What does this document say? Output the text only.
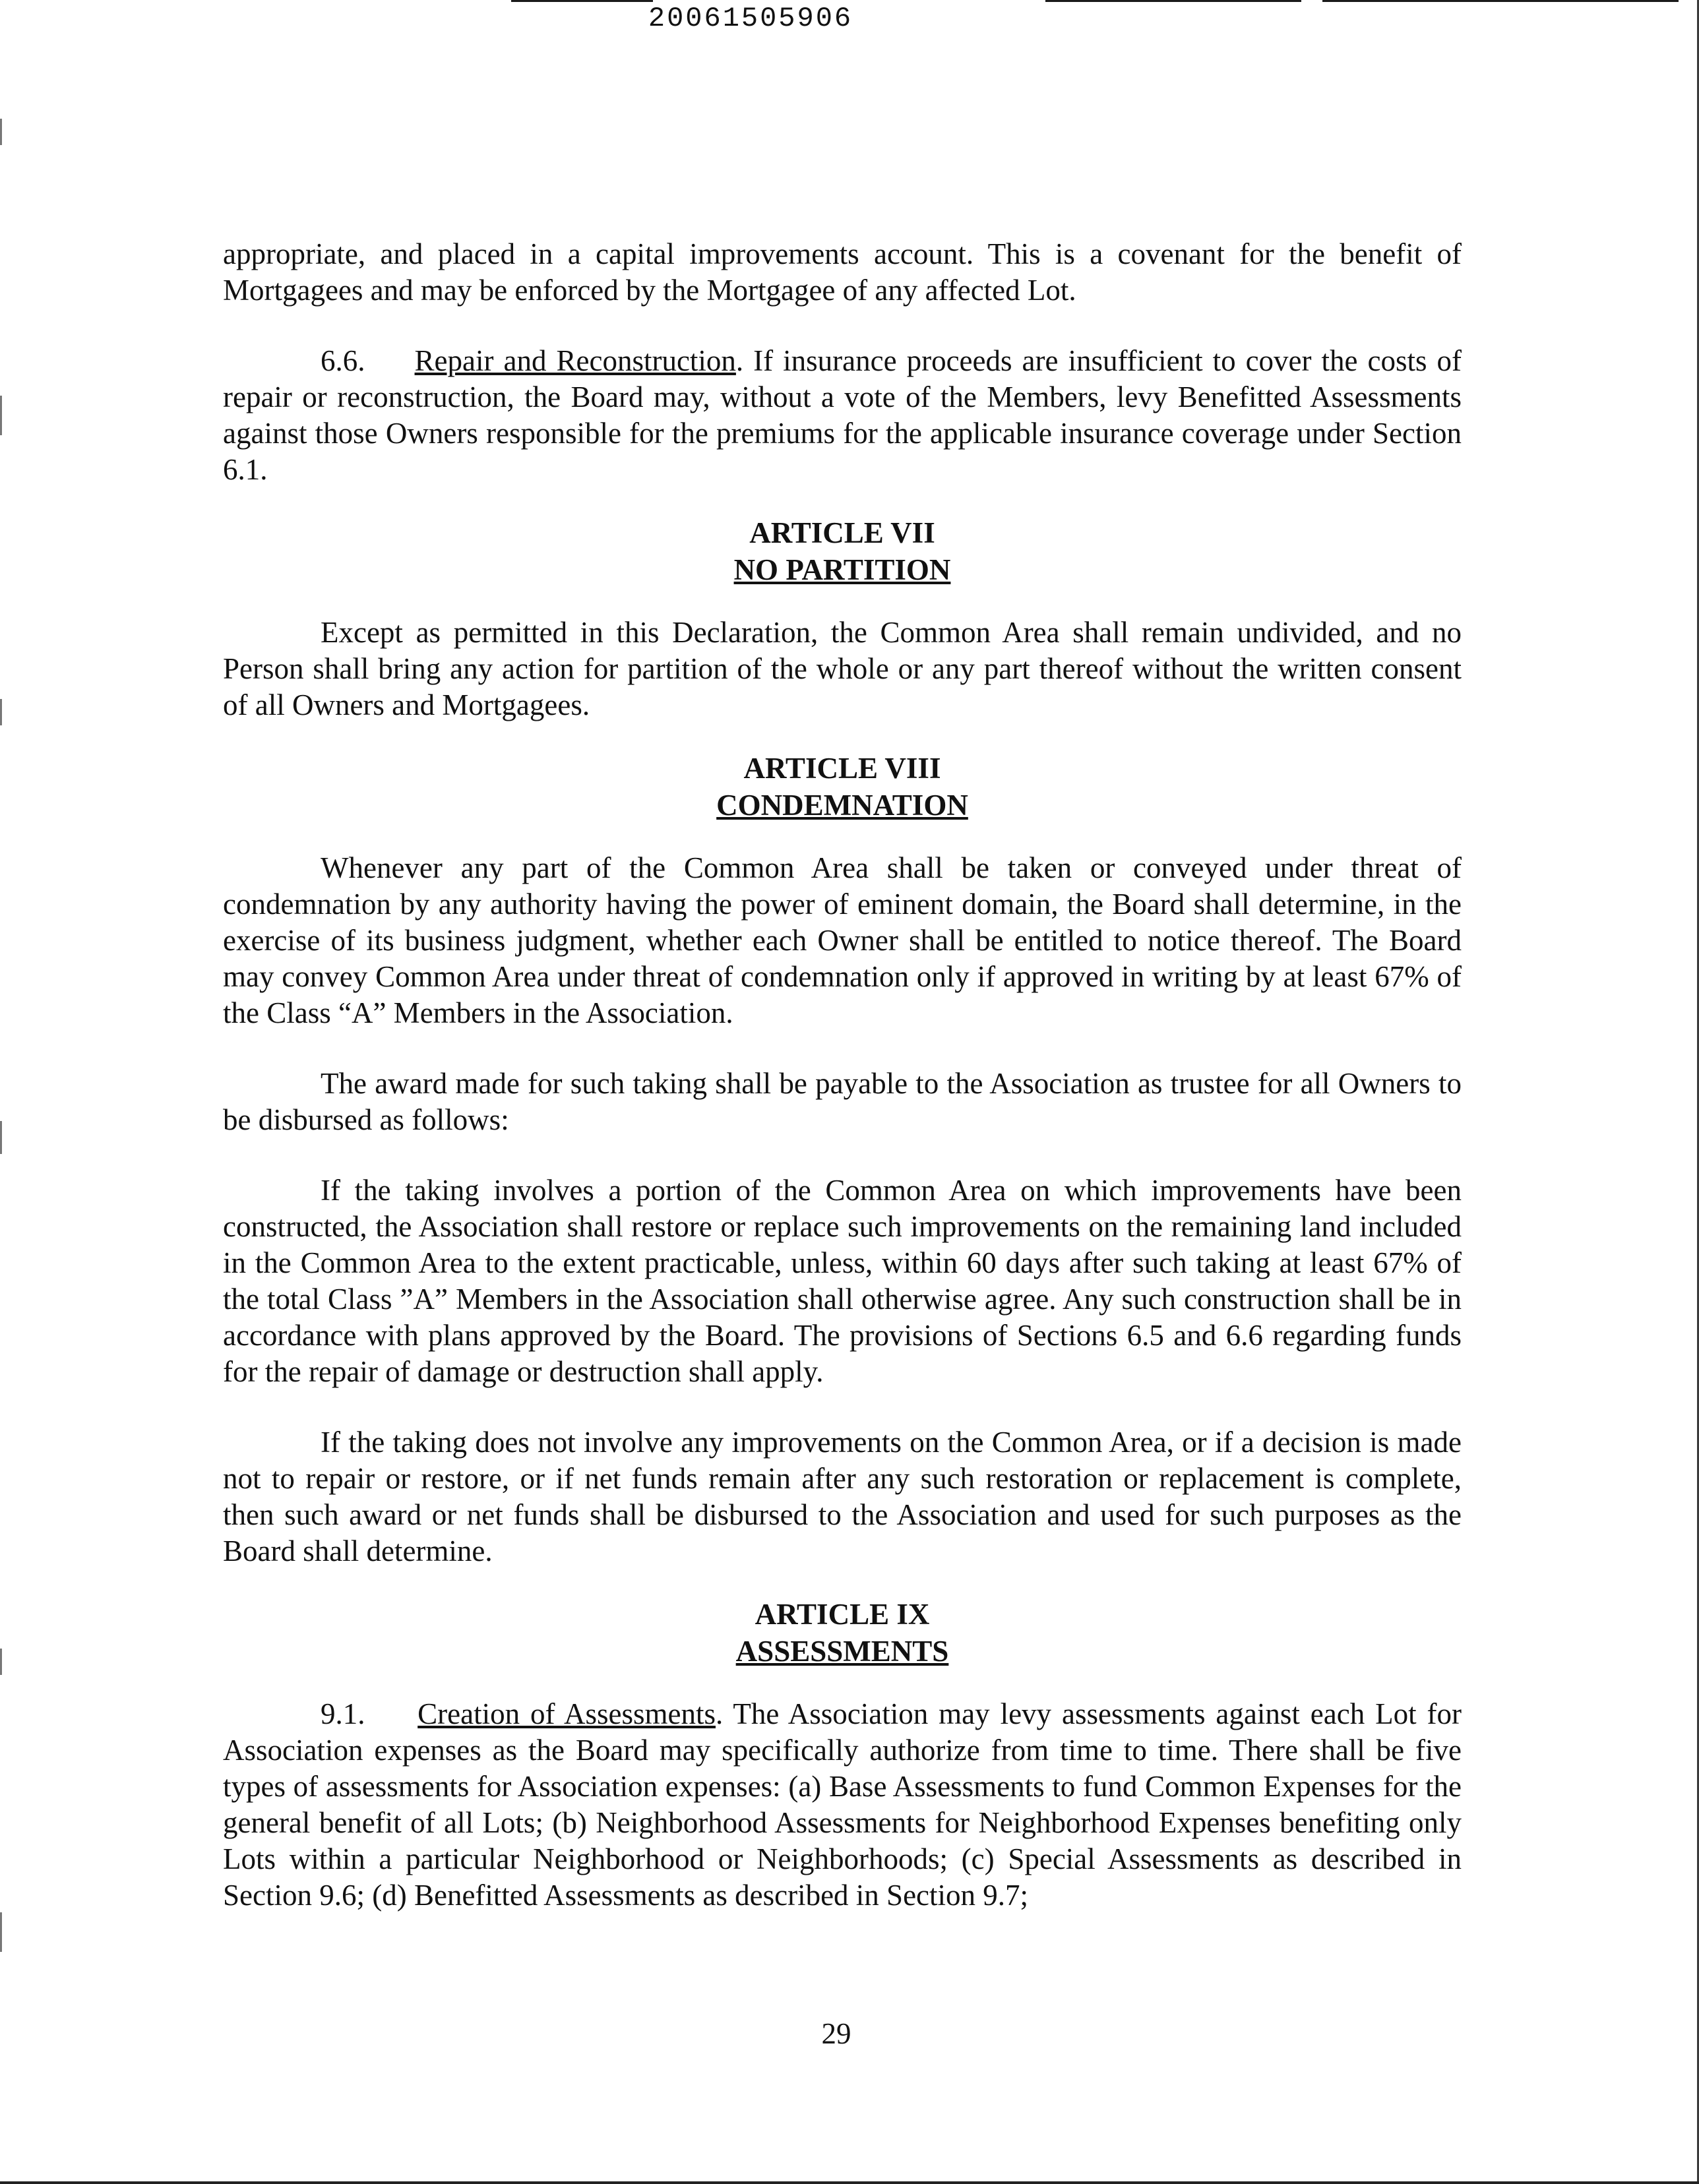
20061505906

appropriate, and placed in a capital improvements account. This is a covenant for the benefit of Mortgagees and may be enforced by the Mortgagee of any affected Lot.

6.6. Repair and Reconstruction. If insurance proceeds are insufficient to cover the costs of repair or reconstruction, the Board may, without a vote of the Members, levy Benefitted Assessments against those Owners responsible for the premiums for the applicable insurance coverage under Section 6.1.

ARTICLE VII

NO PARTITION

Except as permitted in this Declaration, the Common Area shall remain undivided, and no Person shall bring any action for partition of the whole or any part thereof without the written consent of all Owners and Mortgagees.

ARTICLE VIII

CONDEMNATION

Whenever any part of the Common Area shall be taken or conveyed under threat of condemnation by any authority having the power of eminent domain, the Board shall determine, in the exercise of its business judgment, whether each Owner shall be entitled to notice thereof. The Board may convey Common Area under threat of condemnation only if approved in writing by at least 67% of the Class “A” Members in the Association.

The award made for such taking shall be payable to the Association as trustee for all Owners to be disbursed as follows:

If the taking involves a portion of the Common Area on which improvements have been constructed, the Association shall restore or replace such improvements on the remaining land included in the Common Area to the extent practicable, unless, within 60 days after such taking at least 67% of the total Class ”A” Members in the Association shall otherwise agree. Any such construction shall be in accordance with plans approved by the Board. The provisions of Sections 6.5 and 6.6 regarding funds for the repair of damage or destruction shall apply.

If the taking does not involve any improvements on the Common Area, or if a decision is made not to repair or restore, or if net funds remain after any such restoration or replacement is complete, then such award or net funds shall be disbursed to the Association and used for such purposes as the Board shall determine.

ARTICLE IX

ASSESSMENTS

9.1. Creation of Assessments. The Association may levy assessments against each Lot for Association expenses as the Board may specifically authorize from time to time. There shall be five types of assessments for Association expenses: (a) Base Assessments to fund Common Expenses for the general benefit of all Lots; (b) Neighborhood Assessments for Neighborhood Expenses benefiting only Lots within a particular Neighborhood or Neighborhoods; (c) Special Assessments as described in Section 9.6; (d) Benefitted Assessments as described in Section 9.7;

29
